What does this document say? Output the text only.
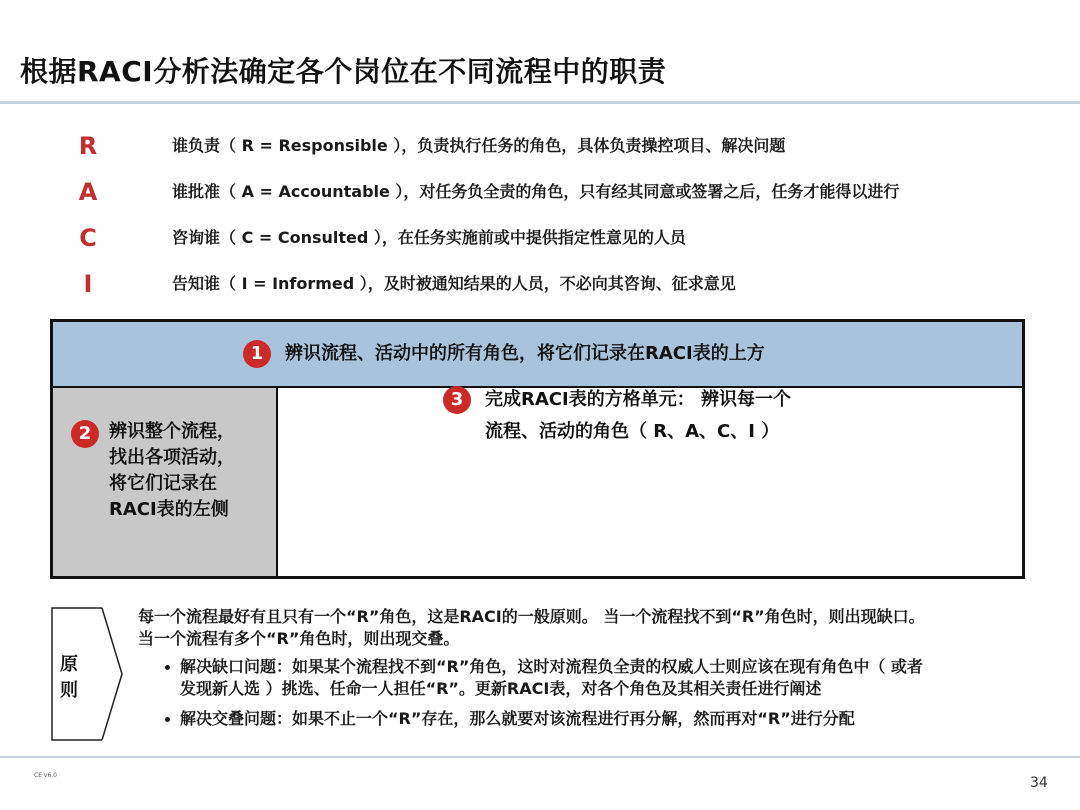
根据RACI分析法确定各个岗位在不同流程中的职责
R	谁负责（ R = Responsible ），负责执行任务的角色，具体负责操控项目、解决问题
A	谁批准（ A = Accountable ），对任务负全责的角色，只有经其同意或签署之后，任务才能得以进行
C	咨询谁（ C = Consulted ），在任务实施前或中提供指定性意见的人员
I	告知谁（ I = Informed ），及时被通知结果的人员，不必向其咨询、征求意见
1 辨识流程、活动中的所有角色，将它们记录在RACI表的上方
2 辨识整个流程，
找出各项活动，
将它们记录在
RACI表的左侧
3	完成RACI表的方格单元： 辨识每一个
流程、活动的角色（ R、A、C、I ）
原
则
每一个流程最好有且只有一个“R”角色，这是RACI的一般原则。 当一个流程找不到“R”角色时，则出现缺口。
当一个流程有多个“R”角色时，则出现交叠。
解决缺口问题：如果某个流程找不到“R”角色，这时对流程负全责的权威人士则应该在现有角色中（ 或者
发现新人选 ）挑选、任命一人担任“R”。更新RACI表，对各个角色及其相关责任进行阐述
解决交叠问题：如果不止一个“R”存在，那么就要对该流程进行再分解，然而再对“R”进行分配
CE v6.0	34
